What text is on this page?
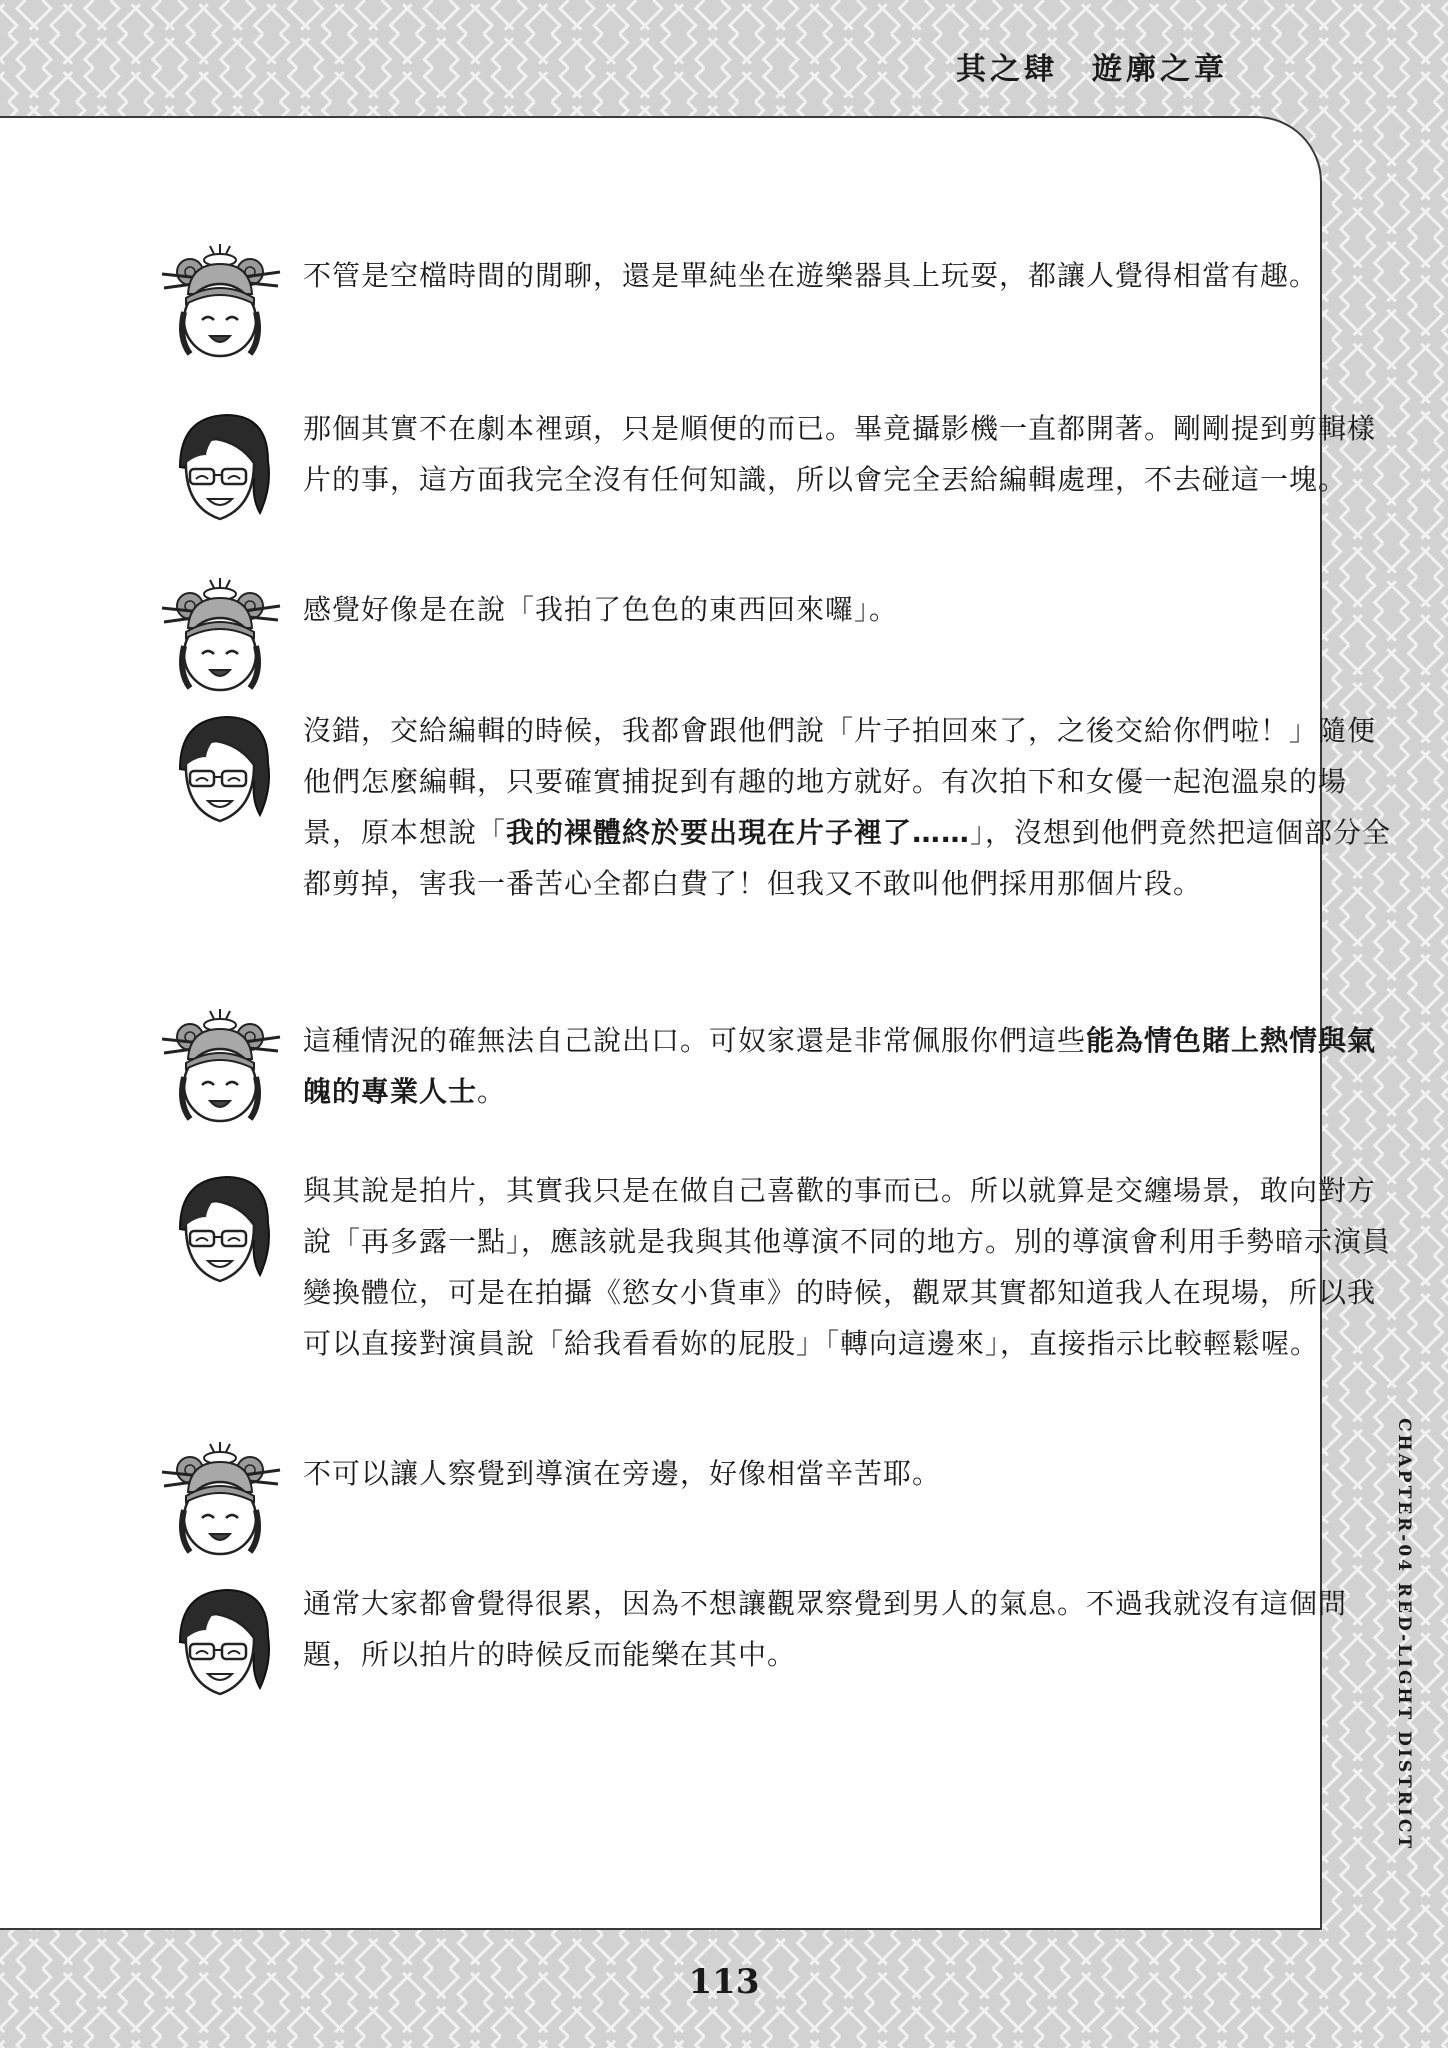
其之肆　遊廓之章
CHAPTER-04 RED-LIGHT DISTRICT
113

不管是空檔時間的閒聊，還是單純坐在遊樂器具上玩耍，都讓人覺得相當有趣。

那個其實不在劇本裡頭，只是順便的而已。畢竟攝影機一直都開著。剛剛提到剪輯樣片的事，這方面我完全沒有任何知識，所以會完全丟給編輯處理，不去碰這一塊。

感覺好像是在說「我拍了色色的東西回來囉」。

沒錯，交給編輯的時候，我都會跟他們說「片子拍回來了，之後交給你們啦！」隨便他們怎麼編輯，只要確實捕捉到有趣的地方就好。有次拍下和女優一起泡溫泉的場景，原本想說「我的裸體終於要出現在片子裡了……」，沒想到他們竟然把這個部分全都剪掉，害我一番苦心全都白費了！但我又不敢叫他們採用那個片段。

這種情況的確無法自己說出口。可奴家還是非常佩服你們這些能為情色賭上熱情與氣魄的專業人士。

與其說是拍片，其實我只是在做自己喜歡的事而已。所以就算是交纏場景，敢向對方說「再多露一點」，應該就是我與其他導演不同的地方。別的導演會利用手勢暗示演員變換體位，可是在拍攝《慾女小貨車》的時候，觀眾其實都知道我人在現場，所以我可以直接對演員說「給我看看妳的屁股」「轉向這邊來」，直接指示比較輕鬆喔。

不可以讓人察覺到導演在旁邊，好像相當辛苦耶。

通常大家都會覺得很累，因為不想讓觀眾察覺到男人的氣息。不過我就沒有這個問題，所以拍片的時候反而能樂在其中。
